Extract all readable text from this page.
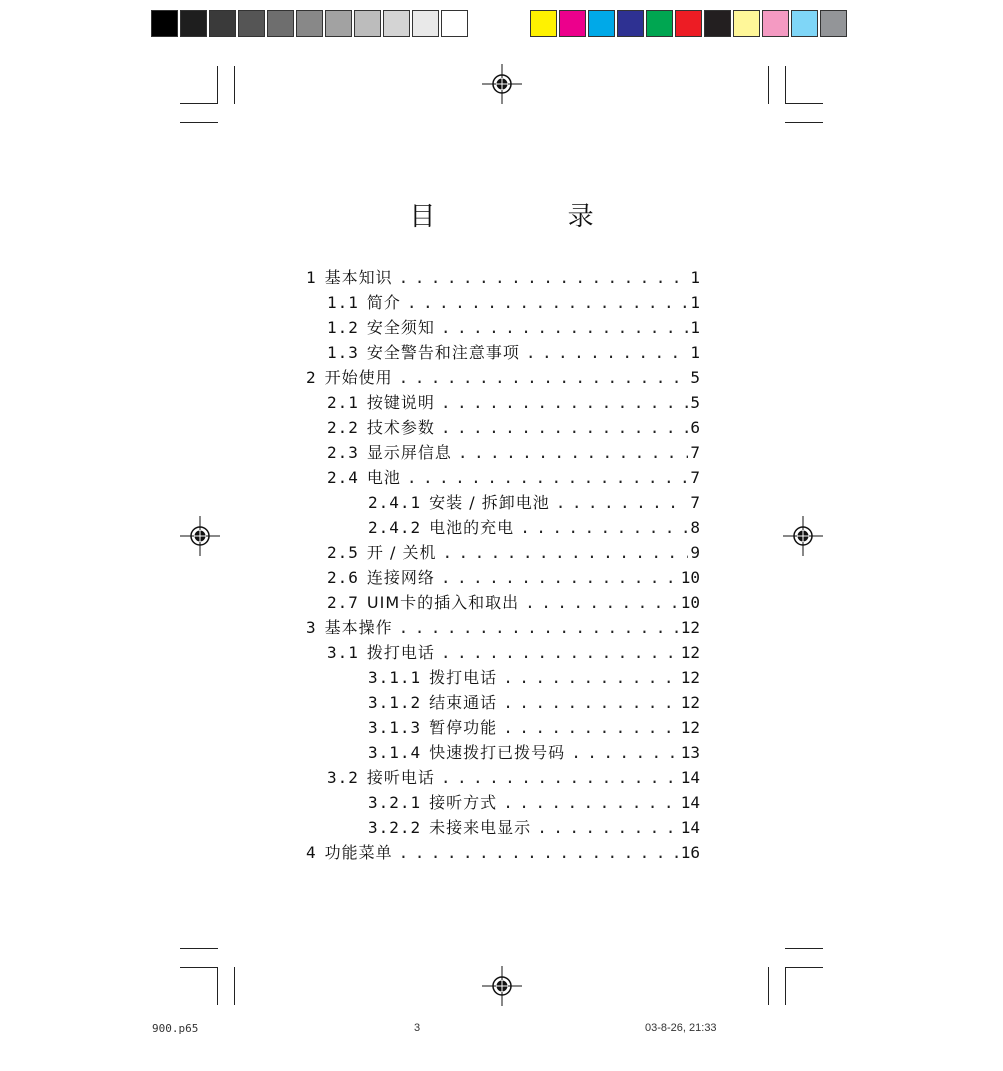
目 录
1 基本知识 . . .	1
1.1 简介 . . .	1
1.2 安全须知 . . .	1
1.3 安全警告和注意事项 . . .	1
2 开始使用 . . .	5
2.1 按键说明 . . .	5
2.2 技术参数 . . .	6
2.3 显示屏信息 . . .	7
2.4 电池 . . .	7
2.4.1 安装 / 拆卸电池 . . .	7
2.4.2 电池的充电 . . .	8
2.5 开 / 关机 . . .	9
2.6 连接网络 . . .	10
2.7 UIM卡的插入和取出 . . .	10
3 基本操作 . . .	12
3.1 拨打电话 . . .	12
3.1.1 拨打电话 . . .	12
3.1.2 结束通话 . . .	12
3.1.3 暂停功能 . . .	12
3.1.4 快速拨打已拨号码 . . .	13
3.2 接听电话 . . .	14
3.2.1 接听方式 . . .	14
3.2.2 未接来电显示 . . .	14
4 功能菜单 . . .	16
900.p65	3	03-8-26, 21:33
